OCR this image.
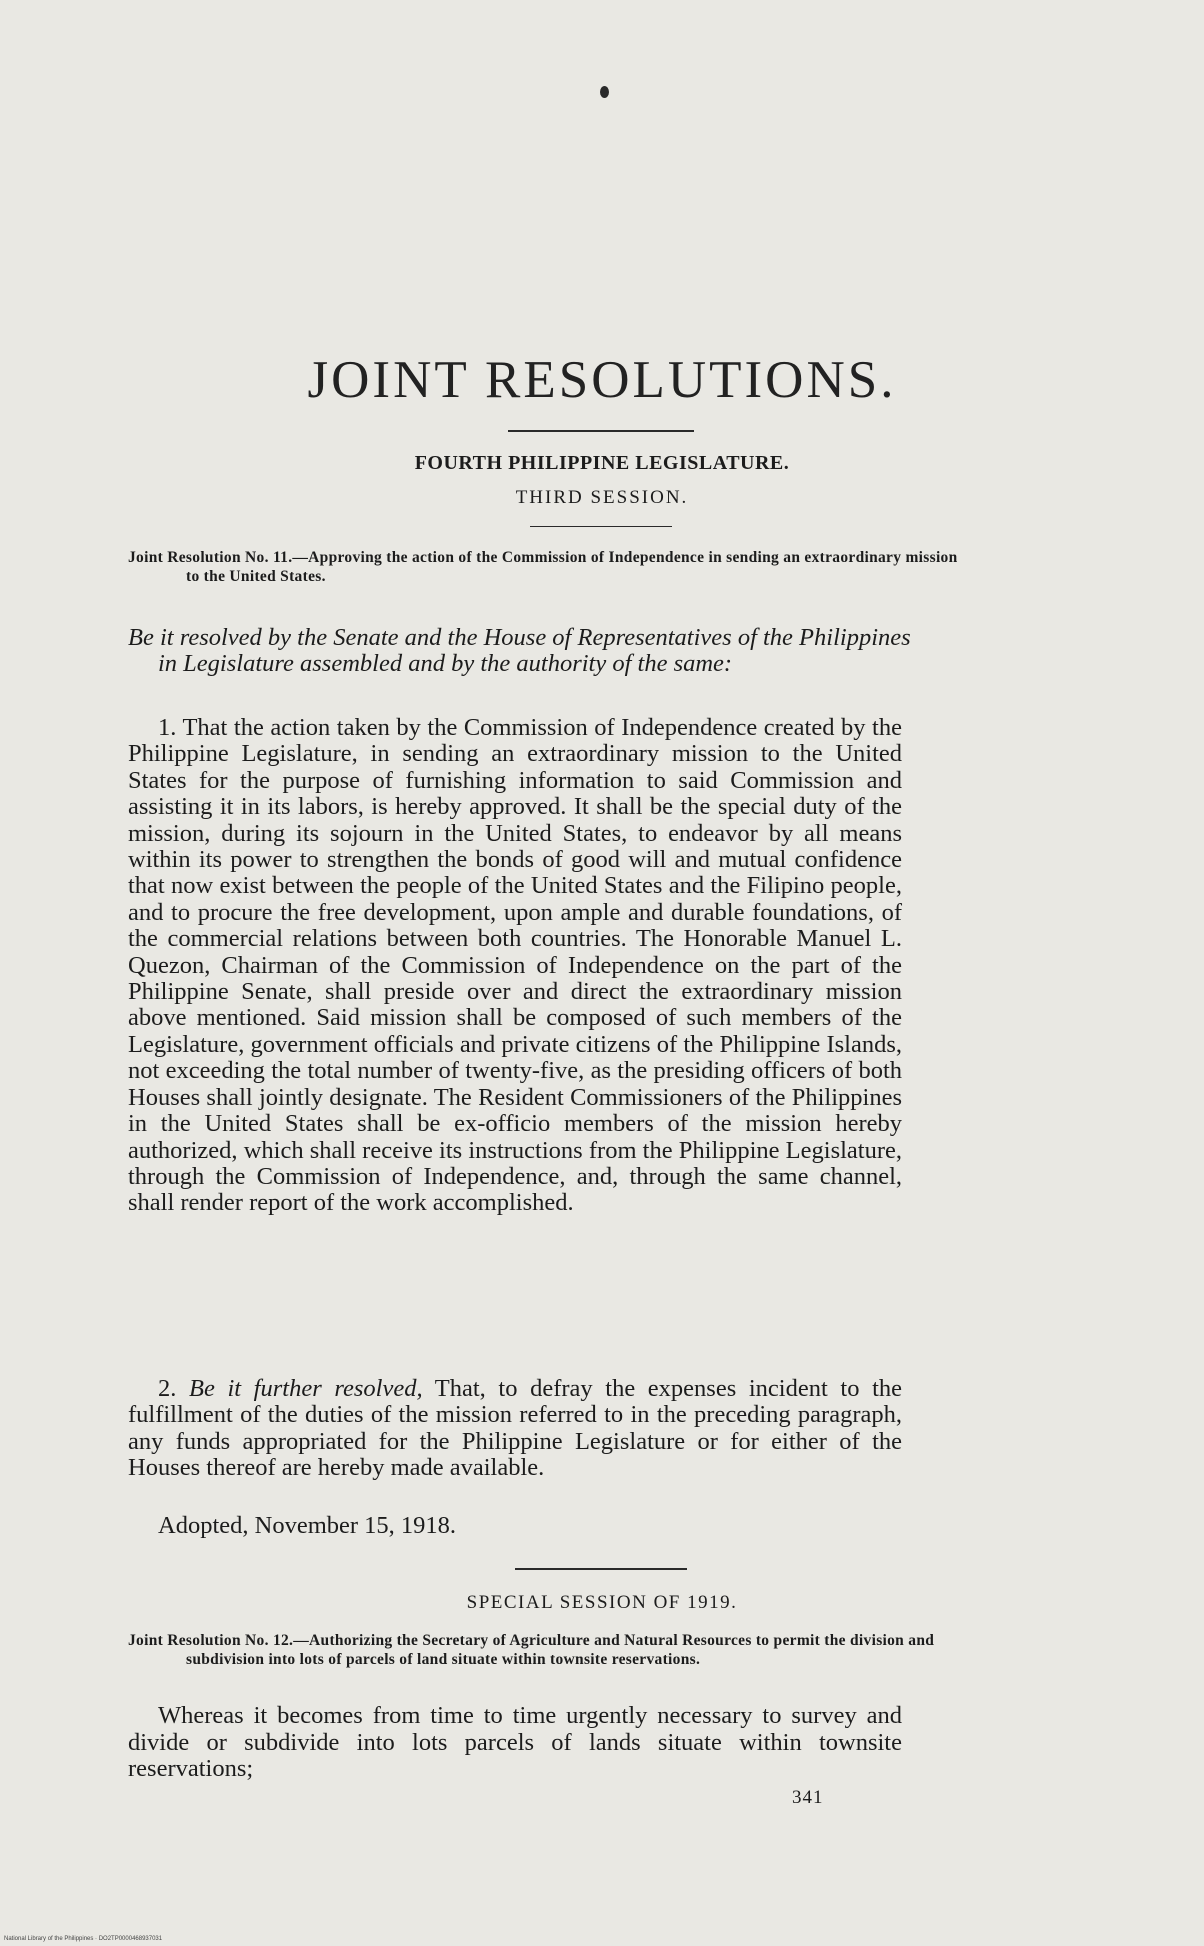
JOINT RESOLUTIONS.
FOURTH PHILIPPINE LEGISLATURE.
THIRD SESSION.
Joint Resolution No. 11.—Approving the action of the Commission of Independence in sending an extraordinary mission to the United States.
Be it resolved by the Senate and the House of Representatives of the Philippines in Legislature assembled and by the authority of the same:

1. That the action taken by the Commission of Independence created by the Philippine Legislature, in sending an extraordinary mission to the United States for the purpose of furnishing information to said Commission and assisting it in its labors, is hereby approved. It shall be the special duty of the mission, during its sojourn in the United States, to endeavor by all means within its power to strengthen the bonds of good will and mutual confidence that now exist between the people of the United States and the Filipino people, and to procure the free development, upon ample and durable foundations, of the commercial relations between both countries. The Honorable Manuel L. Quezon, Chairman of the Commission of Independence on the part of the Philippine Senate, shall preside over and direct the extraordinary mission above mentioned. Said mission shall be composed of such members of the Legislature, government officials and private citizens of the Philippine Islands, not exceeding the total number of twenty-five, as the presiding officers of both Houses shall jointly designate. The Resident Commissioners of the Philippines in the United States shall be ex-officio members of the mission hereby authorized, which shall receive its instructions from the Philippine Legislature, through the Commission of Independence, and, through the same channel, shall render report of the work accomplished.

2. Be it further resolved, That, to defray the expenses incident to the fulfillment of the duties of the mission referred to in the preceding paragraph, any funds appropriated for the Philippine Legislature or for either of the Houses thereof are hereby made available.

Adopted, November 15, 1918.
SPECIAL SESSION OF 1919.
Joint Resolution No. 12.—Authorizing the Secretary of Agriculture and Natural Resources to permit the division and subdivision into lots of parcels of land situate within townsite reservations.
Whereas it becomes from time to time urgently necessary to survey and divide or subdivide into lots parcels of lands situate within townsite reservations;
341
National Library of the Philippines · DO2TP0000468937031
